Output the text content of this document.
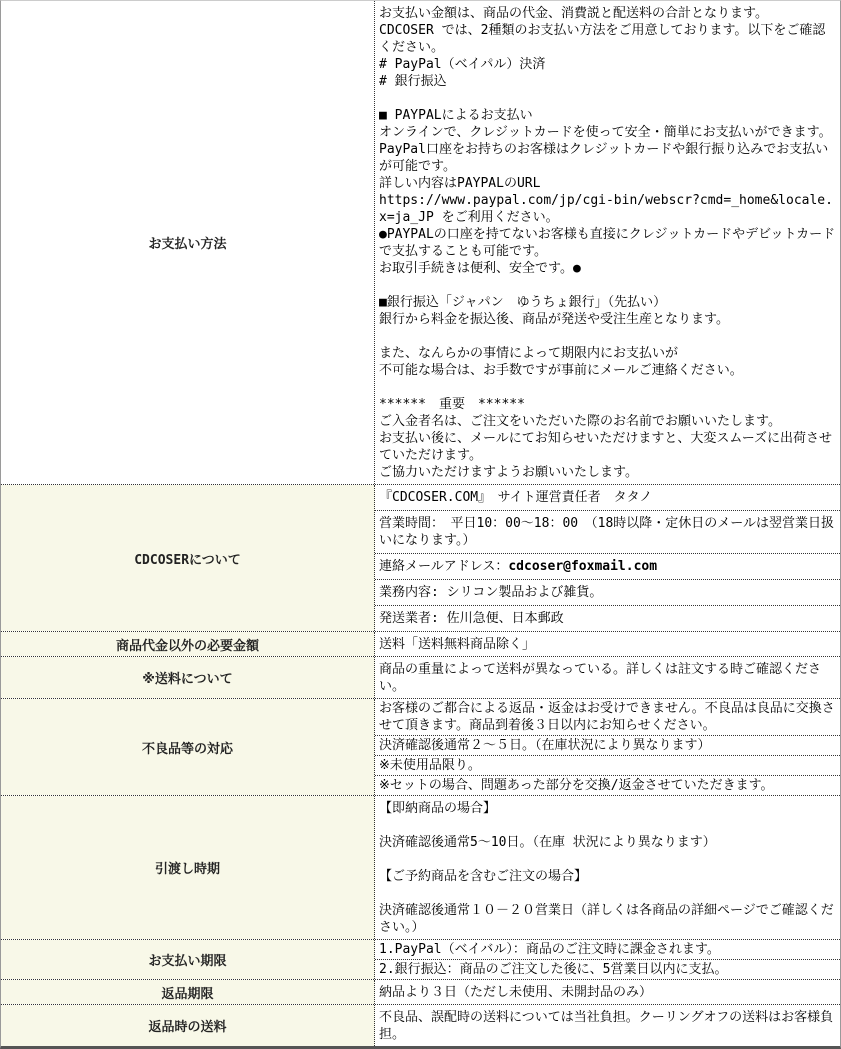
お支払い方法
お支払い金額は、商品の代金、消費説と配送料の合計となります。
CDCOSER では、2種類のお支払い方法をご用意しております。以下をご確認ください。
# PayPal（ベイパル）決済
# 銀行振込
■ PAYPALによるお支払い
オンラインで、クレジットカードを使って安全・簡単にお支払いができます。
PayPal口座をお持ちのお客様はクレジットカードや銀行振り込みでお支払いが可能です。
詳しい内容はPAYPALのURL
https://www.paypal.com/jp/cgi-bin/webscr?cmd=_home&locale.x=ja_JP をご利用ください。
●PAYPALの口座を持てないお客様も直接にクレジットカードやデビットカードで支払することも可能です。
お取引手続きは便利、安全です。●
■銀行振込「ジャパン　ゆうちょ銀行」（先払い）
銀行から料金を振込後、商品が発送や受注生産となります。
また、なんらかの事情によって期限内にお支払いが
不可能な場合は、お手数ですが事前にメールご連絡ください。
******　重要　******
ご入金者名は、ご注文をいただいた際のお名前でお願いいたします。
お支払い後に、メールにてお知らせいただけますと、大変スムーズに出荷させていただけます。
ご協力いただけますようお願いいたします。
CDCOSERについて
『CDCOSER.COM』　サイト運営責任者　タタノ
営業時間：　平日10：00～18：00　（18時以降・定休日のメールは翌営業日扱いになります。）
連絡メールアドレス：cdcoser@foxmail.com
業務内容: シリコン製品および雑貨。
発送業者: 佐川急便、日本郵政
商品代金以外の必要金額	送料「送料無料商品除く」
※送料について
商品の重量によって送料が異なっている。詳しくは註文する時ご確認ください。
不良品等の対応
お客様のご都合による返品・返金はお受けできません。不良品は良品に交換させて頂きます。商品到着後３日以内にお知らせください。
決済確認後通常２～５日。（在庫状況により異なります）
※未使用品限り。
※セットの場合、問題あった部分を交換/返金させていただきます。
引渡し時期
【即納商品の場合】
決済確認後通常5～10日。（在庫 状況により異なります）
【ご予約商品を含むご注文の場合】
決済確認後通常１０－２０営業日（詳しくは各商品の詳細ページでご確認ください。）
お支払い期限
1.PayPal（ベイバル）：商品のご注文時に課金されます。
2.銀行振込：商品のご注文した後に、5営業日以内に支払。
返品期限	納品より３日（ただし未使用、未開封品のみ）
返品時の送料
不良品、誤配時の送料については当社負担。クーリングオフの送料はお客様負担。
